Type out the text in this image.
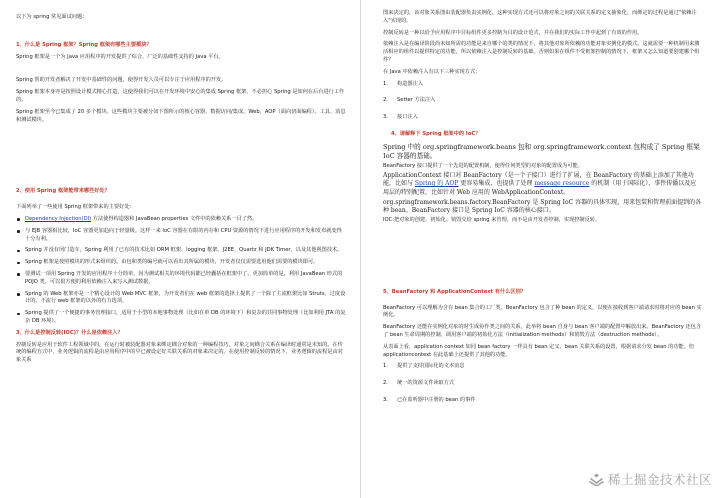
以下为 spring 常见面试问题：

1、什么是 Spring 框架？Spring 框架有哪些主要模块？

Spring 框架是一个为 Java 应用程序的开发提供了综合、广泛的基础性支持的 Java 平台。

Spring 帮助开发者解决了开发中基础性的问题，使得开发人员可以专注于应用程序的开发。

Spring 框架本身亦是按照设计模式精心打造，这使得我们可以在开发环境中安心的集成 Spring 框架，不必担心 Spring 是如何在后台进行工作的。

Spring 框架至今已集成了 20 多个模块。这些模块主要被分如下图所示的核心容器、数据访问/集成、Web、AOP（面向切面编程）、工具、消息和测试模块。

2、使用 Spring 框架能带来哪些好处？

下面列举了一些使用 Spring 框架带来的主要好处：

Dependency Injection(DI) 方法使得构造器和 JavaBean properties 文件中的依赖关系一目了然。
与 EJB 容器相比较，IoC 容器更加趋向于轻量级。这样一来 IoC 容器在有限的内存和 CPU 资源的情况下进行应用程序的开发和发布就变得十分有利。
Spring 并没有闭门造车，Spring 利用了已有的技术比如 ORM 框架、logging 框架、J2EE、Quartz 和 JDK Timer，以及其他视图技术。
Spring 框架是按照模块的形式来组织的。由包和类的编号就可以看出其所属的模块，开发者仅仅需要选用他们需要的模块即可。
要测试一项用 Spring 开发的应用程序十分简单，因为测试相关的环境代码都已经囊括在框架中了。更加简单的是，利用 JavaBean 形式的 POJO 类，可以很方便的利用依赖注入来写入测试数据。
Spring 的 Web 框架亦是一个精心设计的 Web MVC 框架，为开发者们在 web 框架的选择上提供了一个除了主流框架比如 Struts、过度设计的、不流行 web 框架的以外的有力选项。
Spring 提供了一个便捷的事务管理接口，适用于小型的本地事物处理（比如在单 DB 的环境下）和复杂的共同事物处理（比如利用 JTA 的复杂 DB 环境）。
3、什么是控制反转(IOC)？什么是依赖注入？

控制反转是应用于软件工程领域中的，在运行时被装配器对象来绑定耦合对象的一种编程技巧，对象之间耦合关系在编译时通常是未知的。在传统的编程方式中，业务逻辑的流程是由应用程序中的早已被设定好关联关系的对象来决定的。在使用控制反转的情况下，业务逻辑的流程是由对象关系

图来决定的，该对象关系图由装配器负责实例化，这种实现方式还可以将对象之间的关联关系的定义抽象化。而绑定的过程是通过"依赖注入"实现的。

控制反转是一种以给予应用程序中目标组件更多控制为目的设计范式，并在我们的实际工作中起到了有效的作用。

依赖注入是在编译阶段尚未知所需的功能是来自哪个的类的情况下，将其他对象所依赖的功能对象实例化的模式。这就需要一种机制用来激活相应的组件以提供特定的功能，所以依赖注入是控制反转的基础。否则如果在组件不受框架控制的情况下，框架又怎么知道要创建哪个组件？

在 Java 中依赖注入有以下三种实现方式：

1.	构造器注入
2.	Setter 方法注入
3.	接口注入
4、请解释下 Spring 框架中的 IoC？

Spring 中的 org.springframework.beans 包和 org.springframework.context 包构成了 Spring 框架 IoC 容器的基础。

BeanFactory 接口提供了一个先进的配置机制，使得任何类型的对象的配置成为可能。

ApplicationContext 接口对 BeanFactory（是一个子接口）进行了扩展，在 BeanFactory 的基础上添加了其他功能，比如与 Spring 的 AOP 更容易集成，也提供了处理 message resource 的机制（用于国际化）、事件传播以及应用层的特别配置，比如针对 Web 应用的 WebApplicationContext。

org.springframework.beans.factory.BeanFactory 是 Spring IoC 容器的具体实现，用来包装和管理前面提到的各种 bean。BeanFactory 接口是 Spring IoC 容器的核心接口。

IOC:把对象的创建、初始化、销毁交给 spring 来管理，而不是由开发者控制，实现控制反转。

5、BeanFactory 和 ApplicationContext 有什么区别？

BeanFactory 可以理解为含有 bean 集合的工厂类。BeanFactory 包含了种 bean 的定义，以便在接收到客户端请求时将对应的 bean 实例化。

BeanFactory 还能在实例化对象的时生成协作类之间的关系。此举将 bean 自身与 bean 客户端的配置中解放出来。BeanFactory 还包含了 bean 生命周期的控制，调用客户端的初始化方法（initialization methods）和销毁方法（destruction methods）。

从表面上看，application context 如同 bean factory 一样具有 bean 定义、bean 关联关系的设置，根据请求分发 bean 的功能。但 applicationcontext 在此基础上还提供了其他的功能。

1.	提供了支持国际化的文本消息
2.	统一的资源文件读取方式
3.	已在监听器中注册的 bean 的事件
稀土掘金技术社区
